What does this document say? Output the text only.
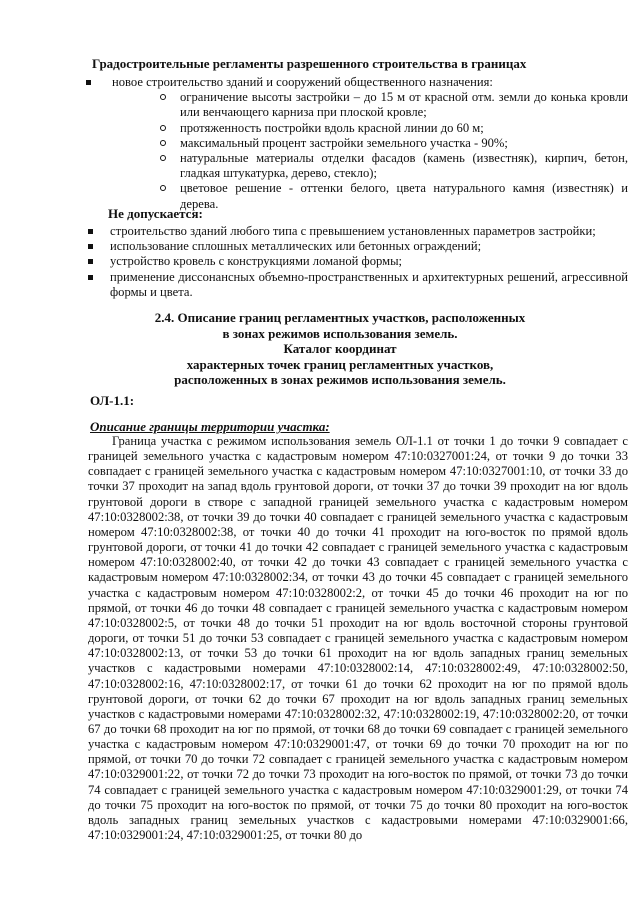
Градостроительные регламенты разрешенного строительства в границах
новое строительство зданий и сооружений общественного назначения:
ограничение высоты застройки – до 15 м от красной отм. земли до конька кровли или венчающего карниза при плоской кровле;
протяженность постройки вдоль красной линии до 60 м;
максимальный процент застройки земельного участка - 90%;
натуральные материалы отделки фасадов (камень (известняк), кирпич, бетон, гладкая штукатурка, дерево, стекло);
цветовое решение - оттенки белого, цвета натурального камня (известняк) и дерева.
Не допускается:
строительство зданий любого типа с превышением установленных параметров застройки;
использование сплошных металлических или бетонных ограждений;
устройство кровель с конструкциями ломаной формы;
применение диссонансных объемно-пространственных и архитектурных решений, агрессивной формы и цвета.
2.4. Описание границ регламентных участков, расположенных
в зонах режимов использования земель.
Каталог координат
характерных точек границ регламентных участков,
расположенных в зонах режимов использования земель.
ОЛ-1.1:
Описание границы территории участка:
Граница участка с режимом использования земель ОЛ-1.1 от точки 1 до точки 9 совпадает с границей земельного участка с кадастровым номером 47:10:0327001:24, от точки 9 до точки 33 совпадает с границей земельного участка с кадастровым номером 47:10:0327001:10, от точки 33 до точки 37 проходит на запад вдоль грунтовой дороги, от точки 37 до точки 39 проходит на юг вдоль грунтовой дороги в створе с западной границей земельного участка с кадастровым номером 47:10:0328002:38, от точки 39 до точки 40 совпадает с границей земельного участка с кадастровым номером 47:10:0328002:38, от точки 40 до точки 41 проходит на юго-восток по прямой вдоль грунтовой дороги, от точки 41 до точки 42 совпадает с границей земельного участка с кадастровым номером 47:10:0328002:40, от точки 42 до точки 43 совпадает с границей земельного участка с кадастровым номером 47:10:0328002:34, от точки 43 до точки 45 совпадает с границей земельного участка с кадастровым номером 47:10:0328002:2, от точки 45 до точки 46 проходит на юг по прямой, от точки 46 до точки 48 совпадает с границей земельного участка с кадастровым номером 47:10:0328002:5, от точки 48 до точки 51 проходит на юг вдоль восточной стороны грунтовой дороги, от точки 51 до точки 53 совпадает с границей земельного участка с кадастровым номером 47:10:0328002:13, от точки 53 до точки 61 проходит на юг вдоль западных границ земельных участков с кадастровыми номерами 47:10:0328002:14, 47:10:0328002:49, 47:10:0328002:50, 47:10:0328002:16, 47:10:0328002:17, от точки 61 до точки 62 проходит на юг по прямой вдоль грунтовой дороги, от точки 62 до точки 67 проходит на юг вдоль западных границ земельных участков с кадастровыми номерами 47:10:0328002:32, 47:10:0328002:19, 47:10:0328002:20, от точки 67 до точки 68 проходит на юг по прямой, от точки 68 до точки 69 совпадает с границей земельного участка с кадастровым номером 47:10:0329001:47, от точки 69 до точки 70 проходит на юг по прямой, от точки 70 до точки 72 совпадает с границей земельного участка с кадастровым номером 47:10:0329001:22, от точки 72 до точки 73 проходит на юго-восток по прямой, от точки 73 до точки 74 совпадает с границей земельного участка с кадастровым номером 47:10:0329001:29, от точки 74 до точки 75 проходит на юго-восток по прямой, от точки 75 до точки 80 проходит на юго-восток вдоль западных границ земельных участков с кадастровыми номерами 47:10:0329001:66, 47:10:0329001:24, 47:10:0329001:25, от точки 80 до
